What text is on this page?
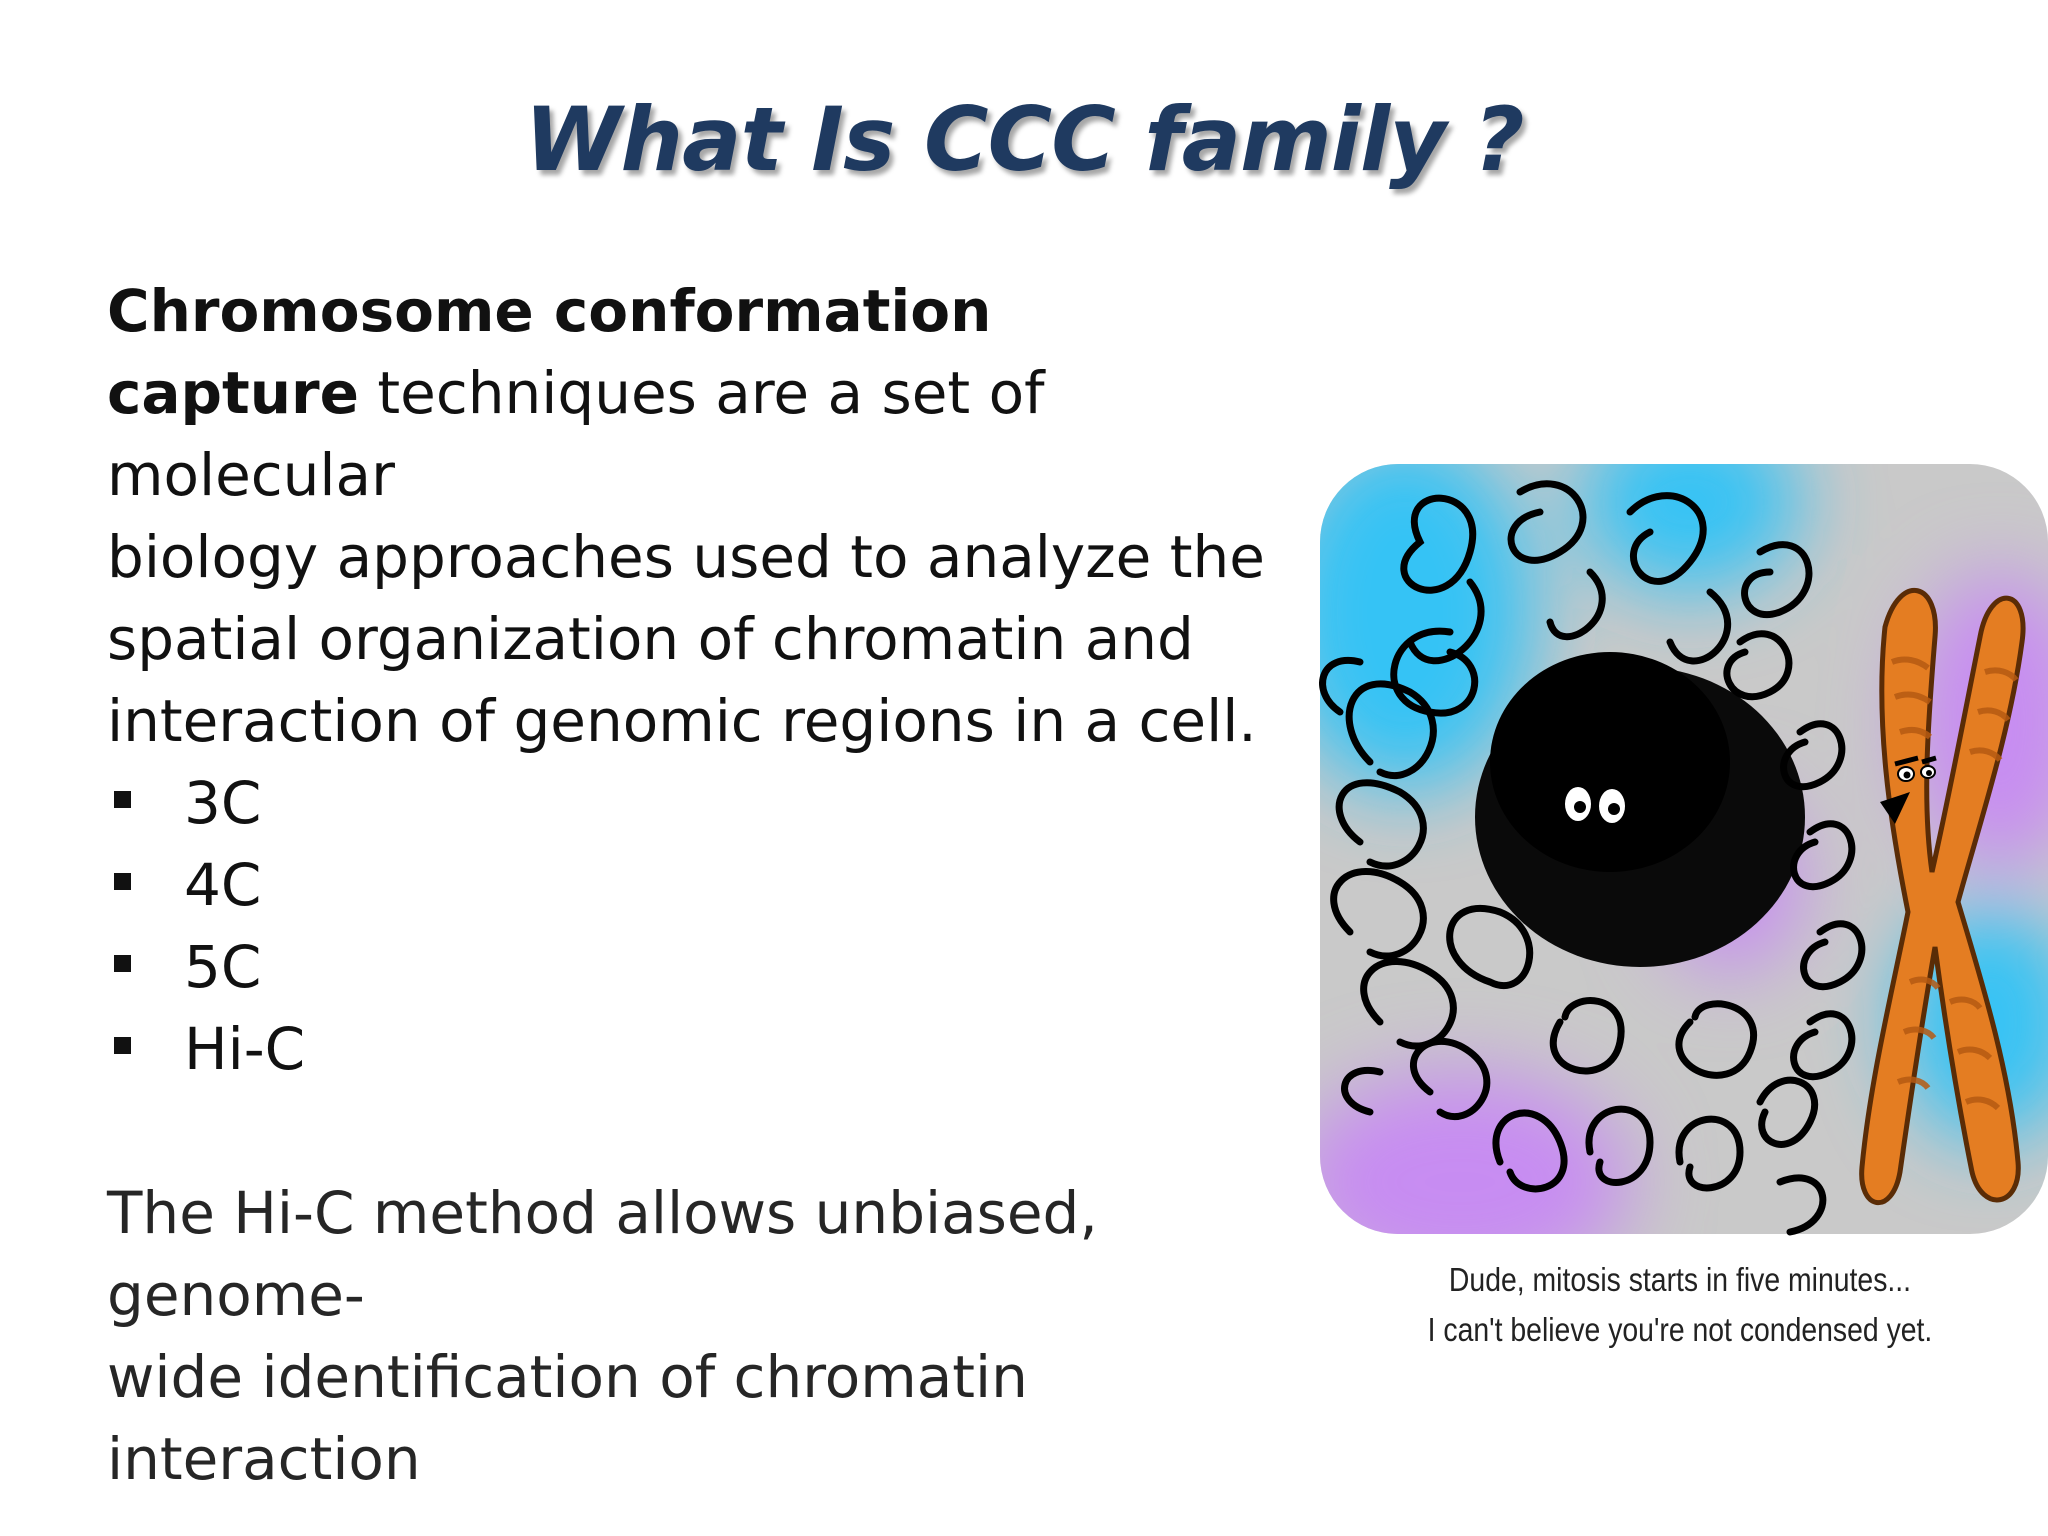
What Is CCC family ?
Chromosome conformation
capture techniques are a set of molecular
biology approaches used to analyze the
spatial organization of chromatin and
interaction of genomic regions in a cell.
3C
4C
5C
Hi-C
The Hi-C method allows unbiased, genome-
wide identification of chromatin interaction
Dude, mitosis starts in five minutes...
I can't believe you're not condensed yet.
